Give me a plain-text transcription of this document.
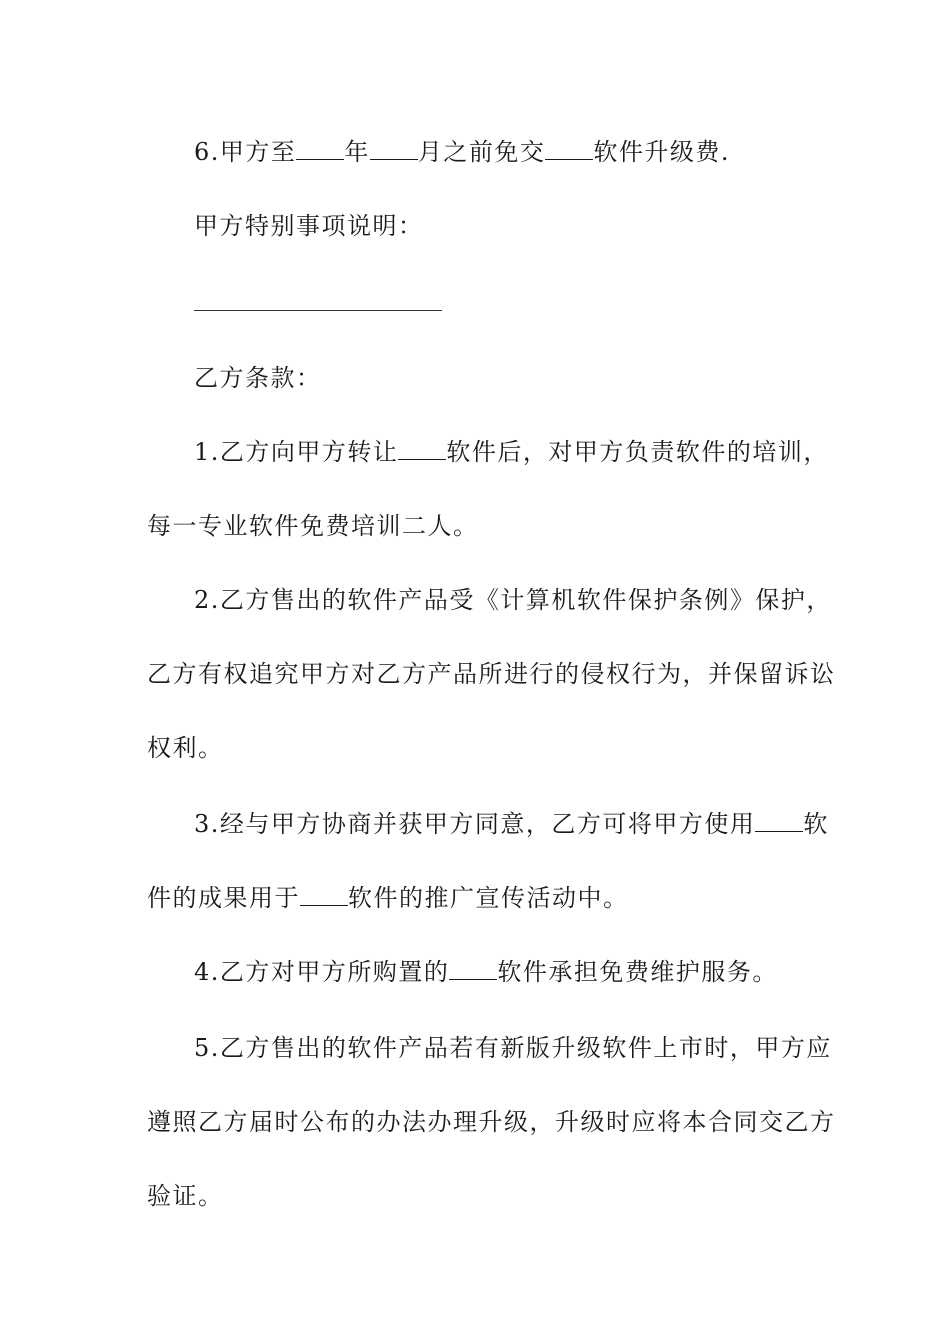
6.甲方至 年 月之前免交 软件升级费.
甲方特别事项说明：
乙方条款：
1.乙方向甲方转让 软件后，对甲方负责软件的培训，
每一专业软件免费培训二人。
2.乙方售出的软件产品受《计算机软件保护条例》保护，
乙方有权追究甲方对乙方产品所进行的侵权行为，并保留诉讼
权利。
3.经与甲方协商并获甲方同意，乙方可将甲方使用 软
件的成果用于 软件的推广宣传活动中。
4.乙方对甲方所购置的 软件承担免费维护服务。
5.乙方售出的软件产品若有新版升级软件上市时，甲方应
遵照乙方届时公布的办法办理升级，升级时应将本合同交乙方
验证。
